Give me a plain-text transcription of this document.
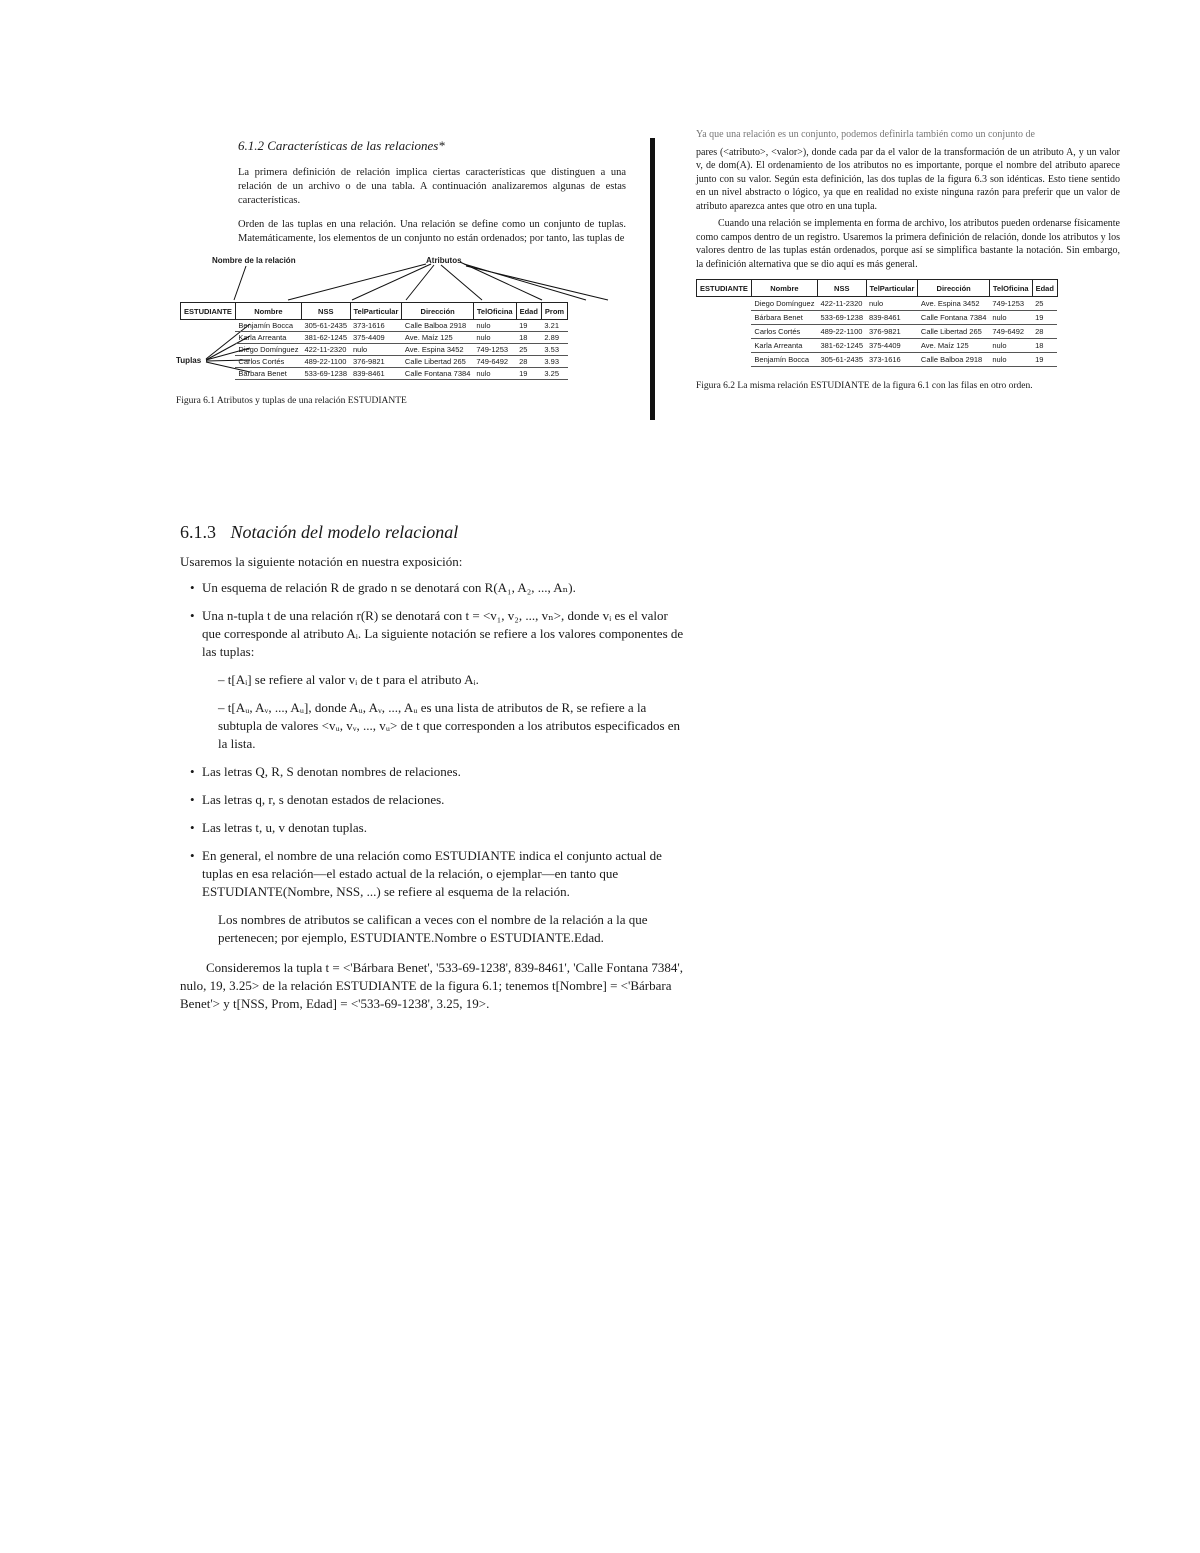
6.1.2 Características de las relaciones*
La primera definición de relación implica ciertas características que distinguen a una relación de un archivo o de una tabla. A continuación analizaremos algunas de estas características.
Orden de las tuplas en una relación. Una relación se define como un conjunto de tuplas. Matemáticamente, los elementos de un conjunto no están ordenados; por tanto, las tuplas de
Nombre de la relación	Atributos
Tuplas
ESTUDIANTE	Nombre	NSS	TelParticular	Dirección	TelOficina	Edad	Prom
	Benjamín Bocca	305-61-2435	373-1616	Calle Balboa 2918	nulo	19	3.21
	Karla Arreanta	381-62-1245	375-4409	Ave. Maíz 125	nulo	18	2.89
	Diego Domínguez	422-11-2320	nulo	Ave. Espina 3452	749-1253	25	3.53
	Carlos Cortés	489-22-1100	376-9821	Calle Libertad 265	749-6492	28	3.93
	Bárbara Benet	533-69-1238	839-8461	Calle Fontana 7384	nulo	19	3.25
Figura 6.1 Atributos y tuplas de una relación ESTUDIANTE
Ya que una relación es un conjunto, podemos definirla también como un conjunto de
pares (<atributo>, <valor>), donde cada par da el valor de la transformación de un atributo A, y un valor v, de dom(A). El ordenamiento de los atributos no es importante, porque el nombre del atributo aparece junto con su valor. Según esta definición, las dos tuplas de la figura 6.3 son idénticas. Esto tiene sentido en un nivel abstracto o lógico, ya que en realidad no existe ninguna razón para preferir que un valor de atributo aparezca antes que otro en una tupla.
Cuando una relación se implementa en forma de archivo, los atributos pueden ordenarse físicamente como campos dentro de un registro. Usaremos la primera definición de relación, donde los atributos y los valores dentro de las tuplas están ordenados, porque así se simplifica bastante la notación. Sin embargo, la definición alternativa que se dio aquí es más general.
ESTUDIANTE	Nombre	NSS	TelParticular	Dirección	TelOficina	Edad
	Diego Domínguez	422-11-2320	nulo	Ave. Espina 3452	749-1253	25
	Bárbara Benet	533-69-1238	839-8461	Calle Fontana 7384	nulo	19
	Carlos Cortés	489-22-1100	376-9821	Calle Libertad 265	749-6492	28
	Karla Arreanta	381-62-1245	375-4409	Ave. Maíz 125	nulo	18
	Benjamín Bocca	305-61-2435	373-1616	Calle Balboa 2918	nulo	19
Figura 6.2 La misma relación ESTUDIANTE de la figura 6.1 con las filas en otro orden.
6.1.3 Notación del modelo relacional
Usaremos la siguiente notación en nuestra exposición:
• Un esquema de relación R de grado n se denotará con R(A₁, A₂, ..., Aₙ).
• Una n-tupla t de una relación r(R) se denotará con t = <v₁, v₂, ..., vₙ>, donde vᵢ es el valor que corresponde al atributo Aᵢ. La siguiente notación se refiere a los valores componentes de las tuplas:
– t[Aᵢ] se refiere al valor vᵢ de t para el atributo Aᵢ.
– t[Aᵤ, Aᵥ, ..., Aᵤ], donde Aᵤ, Aᵥ, ..., Aᵤ es una lista de atributos de R, se refiere a la subtupla de valores <vᵤ, vᵥ, ..., vᵤ> de t que corresponden a los atributos especificados en la lista.
• Las letras Q, R, S denotan nombres de relaciones.
• Las letras q, r, s denotan estados de relaciones.
• Las letras t, u, v denotan tuplas.
• En general, el nombre de una relación como ESTUDIANTE indica el conjunto actual de tuplas en esa relación—el estado actual de la relación, o ejemplar—en tanto que ESTUDIANTE(Nombre, NSS, ...) se refiere al esquema de la relación.
Los nombres de atributos se califican a veces con el nombre de la relación a la que pertenecen; por ejemplo, ESTUDIANTE.Nombre o ESTUDIANTE.Edad.
Consideremos la tupla t = <'Bárbara Benet', '533-69-1238', 839-8461', 'Calle Fontana 7384', nulo, 19, 3.25> de la relación ESTUDIANTE de la figura 6.1; tenemos t[Nombre] = <'Bárbara Benet'> y t[NSS, Prom, Edad] = <'533-69-1238', 3.25, 19>.
